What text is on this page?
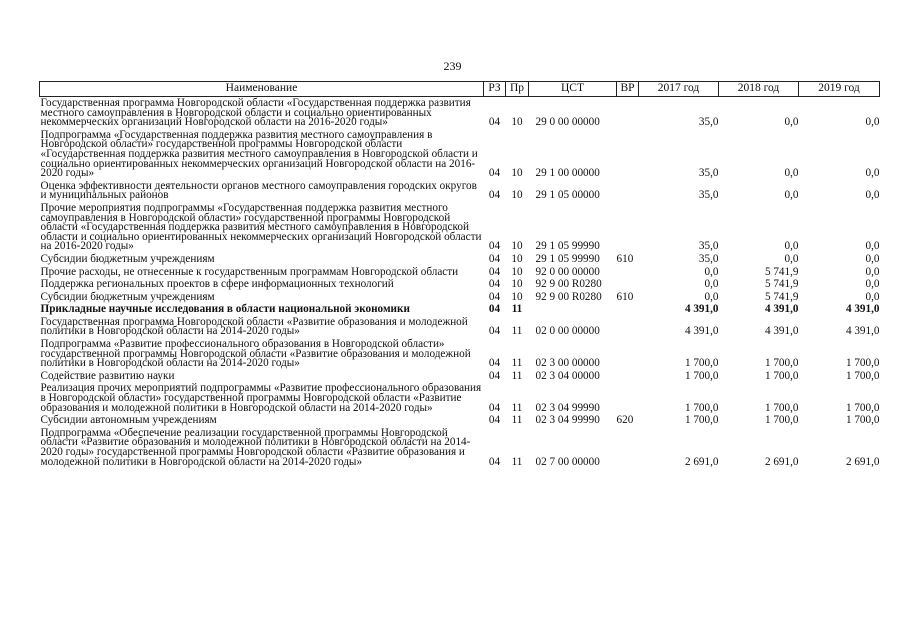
239
Наименование	РЗ	Пр	ЦСТ	ВР	2017 год	2018 год	2019 год
Государственная программа Новгородской области «Государственная поддержка развития местного самоуправления в Новгородской области и социально ориентированных некоммерческих организаций Новгородской области на 2016-2020 годы»	04	10	29 0 00 00000		35,0	0,0	0,0
Подпрограмма «Государственная поддержка развития местного самоуправления в Новгородской области» государственной программы Новгородской области «Государственная поддержка развития местного самоуправления в Новгородской области и социально ориентированных некоммерческих организаций Новгородской области на 2016-2020 годы»	04	10	29 1 00 00000		35,0	0,0	0,0
Оценка эффективности деятельности органов местного самоуправления городских округов и муниципальных районов	04	10	29 1 05 00000		35,0	0,0	0,0
Прочие мероприятия подпрограммы «Государственная поддержка развития местного самоуправления в Новгородской области» государственной программы Новгородской области «Государственная поддержка развития местного самоуправления в Новгородской области и социально ориентированных некоммерческих организаций Новгородской области на 2016-2020 годы»	04	10	29 1 05 99990		35,0	0,0	0,0
Субсидии бюджетным учреждениям	04	10	29 1 05 99990	610	35,0	0,0	0,0
Прочие расходы, не отнесенные к государственным программам Новгородской области	04	10	92 0 00 00000		0,0	5 741,9	0,0
Поддержка региональных проектов в сфере информационных технологий	04	10	92 9 00 R0280		0,0	5 741,9	0,0
Субсидии бюджетным учреждениям	04	10	92 9 00 R0280	610	0,0	5 741,9	0,0
Прикладные научные исследования в области национальной экономики	04	11			4 391,0	4 391,0	4 391,0
Государственная программа Новгородской области «Развитие образования и молодежной политики в Новгородской области на 2014-2020 годы»	04	11	02 0 00 00000		4 391,0	4 391,0	4 391,0
Подпрограмма «Развитие профессионального образования в Новгородской области» государственной программы Новгородской области «Развитие образования и молодежной политики в Новгородской области на 2014-2020 годы»	04	11	02 3 00 00000		1 700,0	1 700,0	1 700,0
Содействие развитию науки	04	11	02 3 04 00000		1 700,0	1 700,0	1 700,0
Реализация прочих мероприятий подпрограммы «Развитие профессионального образования в Новгородской области» государственной программы Новгородской области «Развитие образования и молодежной политики в Новгородской области на 2014-2020 годы»	04	11	02 3 04 99990		1 700,0	1 700,0	1 700,0
Субсидии автономным учреждениям	04	11	02 3 04 99990	620	1 700,0	1 700,0	1 700,0
Подпрограмма «Обеспечение реализации государственной программы Новгородской области «Развитие образования и молодежной политики в Новгородской области на 2014-2020 годы» государственной программы Новгородской области «Развитие образования и молодежной политики в Новгородской области на 2014-2020 годы»	04	11	02 7 00 00000		2 691,0	2 691,0	2 691,0
